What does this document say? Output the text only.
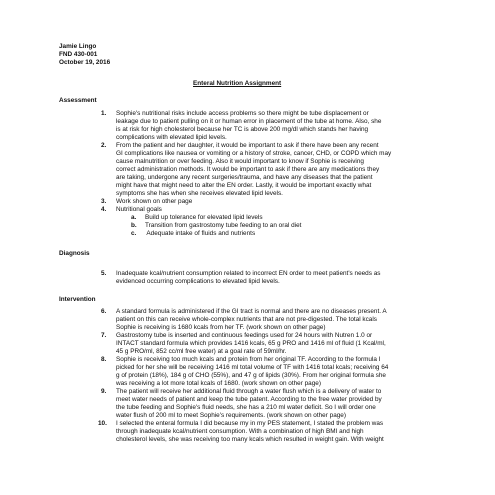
Jamie Lingo
FND 430-001
October 19, 2016
Enteral Nutrition Assignment
Assessment
1. Sophie's nutritional risks include access problems so there might be tube displacement or
leakage due to patient pulling on it or human error in placement of the tube at home. Also, she
is at risk for high cholesterol because her TC is above 200 mg/dl which stands her having
complications with elevated lipid levels.
2. From the patient and her daughter, it would be important to ask if there have been any recent
GI complications like nausea or vomiting or a history of stroke, cancer, CHD, or COPD which may
cause malnutrition or over feeding. Also it would important to know if Sophie is receiving
correct administration methods. It would be important to ask if there are any medications they
are taking, undergone any recent surgeries/trauma, and have any diseases that the patient
might have that might need to alter the EN order. Lastly, it would be important exactly what
symptoms she has when she receives elevated lipid levels.
3. Work shown on other page
4. Nutritional goals
a. Build up tolerance for elevated lipid levels
b. Transition from gastrostomy tube feeding to an oral diet
c. Adequate intake of fluids and nutrients
Diagnosis
5. Inadequate kcal/nutrient consumption related to incorrect EN order to meet patient's needs as
evidenced occurring complications to elevated lipid levels.
Intervention
6. A standard formula is administered if the GI tract is normal and there are no diseases present. A
patient on this can receive whole-complex nutrients that are not pre-digested. The total kcals
Sophie is receiving is 1680 kcals from her TF. (work shown on other page)
7. Gastrostomy tube is inserted and continuous feedings used for 24 hours with Nutren 1.0 or
INTACT standard formula which provides 1416 kcals, 65 g PRO and 1416 ml of fluid (1 Kcal/ml,
45 g PRO/ml, 852 cc/ml free water) at a goal rate of 59ml/hr.
8. Sophie is receiving too much kcals and protein from her original TF. According to the formula I
picked for her she will be receiving 1416 ml total volume of TF with 1416 total kcals; receiving 64
g of protein (18%), 184 g of CHO (55%), and 47 g of lipids (30%). From her original formula she
was receiving a lot more total kcals of 1680. (work shown on other page)
9. The patient will receive her additional fluid through a water flush which is a delivery of water to
meet water needs of patient and keep the tube patent. According to the free water provided by
the tube feeding and Sophie's fluid needs, she has a 210 ml water deficit. So I will order one
water flush of 200 ml to meet Sophie's requirements. (work shown on other page)
10. I selected the enteral formula I did because my in my PES statement, I stated the problem was
through inadequate kcal/nutrient consumption. With a combination of high BMI and high
cholesterol levels, she was receiving too many kcals which resulted in weight gain. With weight
